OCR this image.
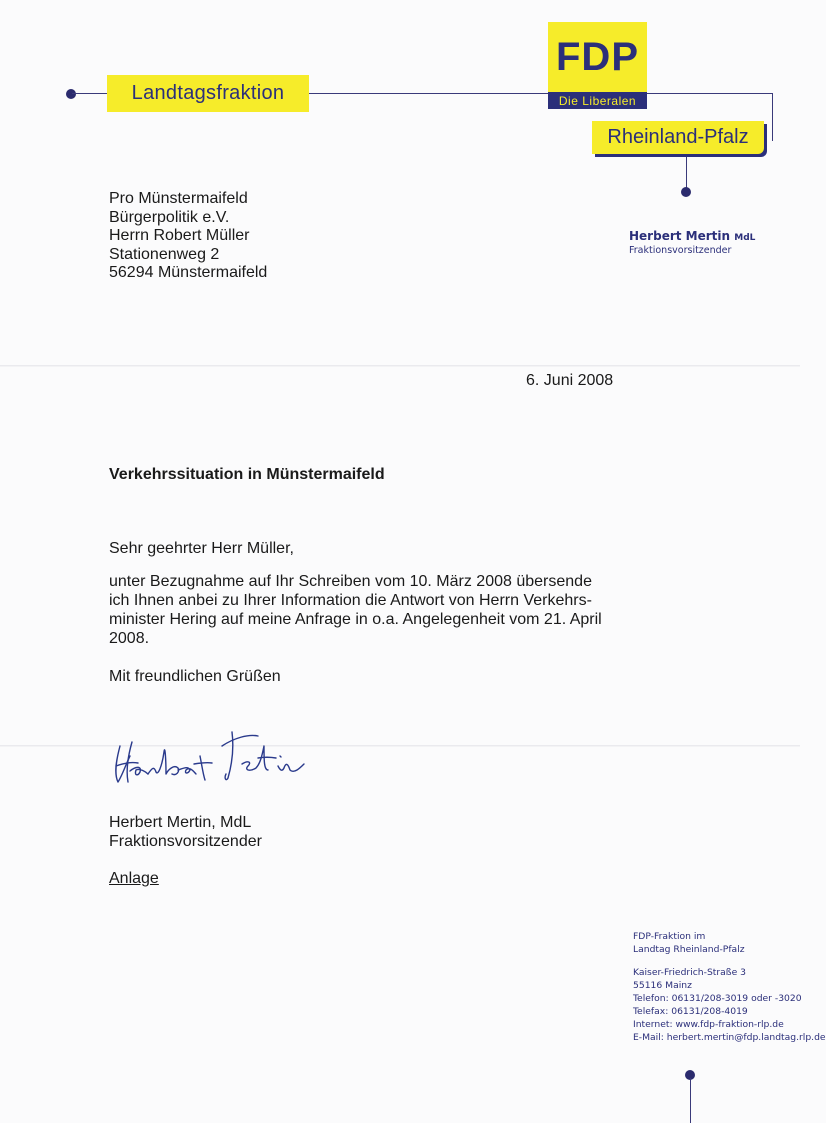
Landtagsfraktion
FDP
Die Liberalen
Rheinland-Pfalz
Herbert Mertin MdL
Fraktionsvorsitzender
Pro Münstermaifeld
Bürgerpolitik e.V.
Herrn Robert Müller
Stationenweg 2
56294 Münstermaifeld
6. Juni 2008
Verkehrssituation in Münstermaifeld
Sehr geehrter Herr Müller,
unter Bezugnahme auf Ihr Schreiben vom 10. März 2008 übersende
ich Ihnen anbei zu Ihrer Information die Antwort von Herrn Verkehrs-
minister Hering auf meine Anfrage in o.a. Angelegenheit vom 21. April
2008.
Mit freundlichen Grüßen
Herbert Mertin, MdL
Fraktionsvorsitzender
Anlage
FDP-Fraktion im
Landtag Rheinland-Pfalz
Kaiser-Friedrich-Straße 3
55116 Mainz
Telefon: 06131/208-3019 oder -3020
Telefax: 06131/208-4019
Internet: www.fdp-fraktion-rlp.de
E-Mail: herbert.mertin@fdp.landtag.rlp.de
